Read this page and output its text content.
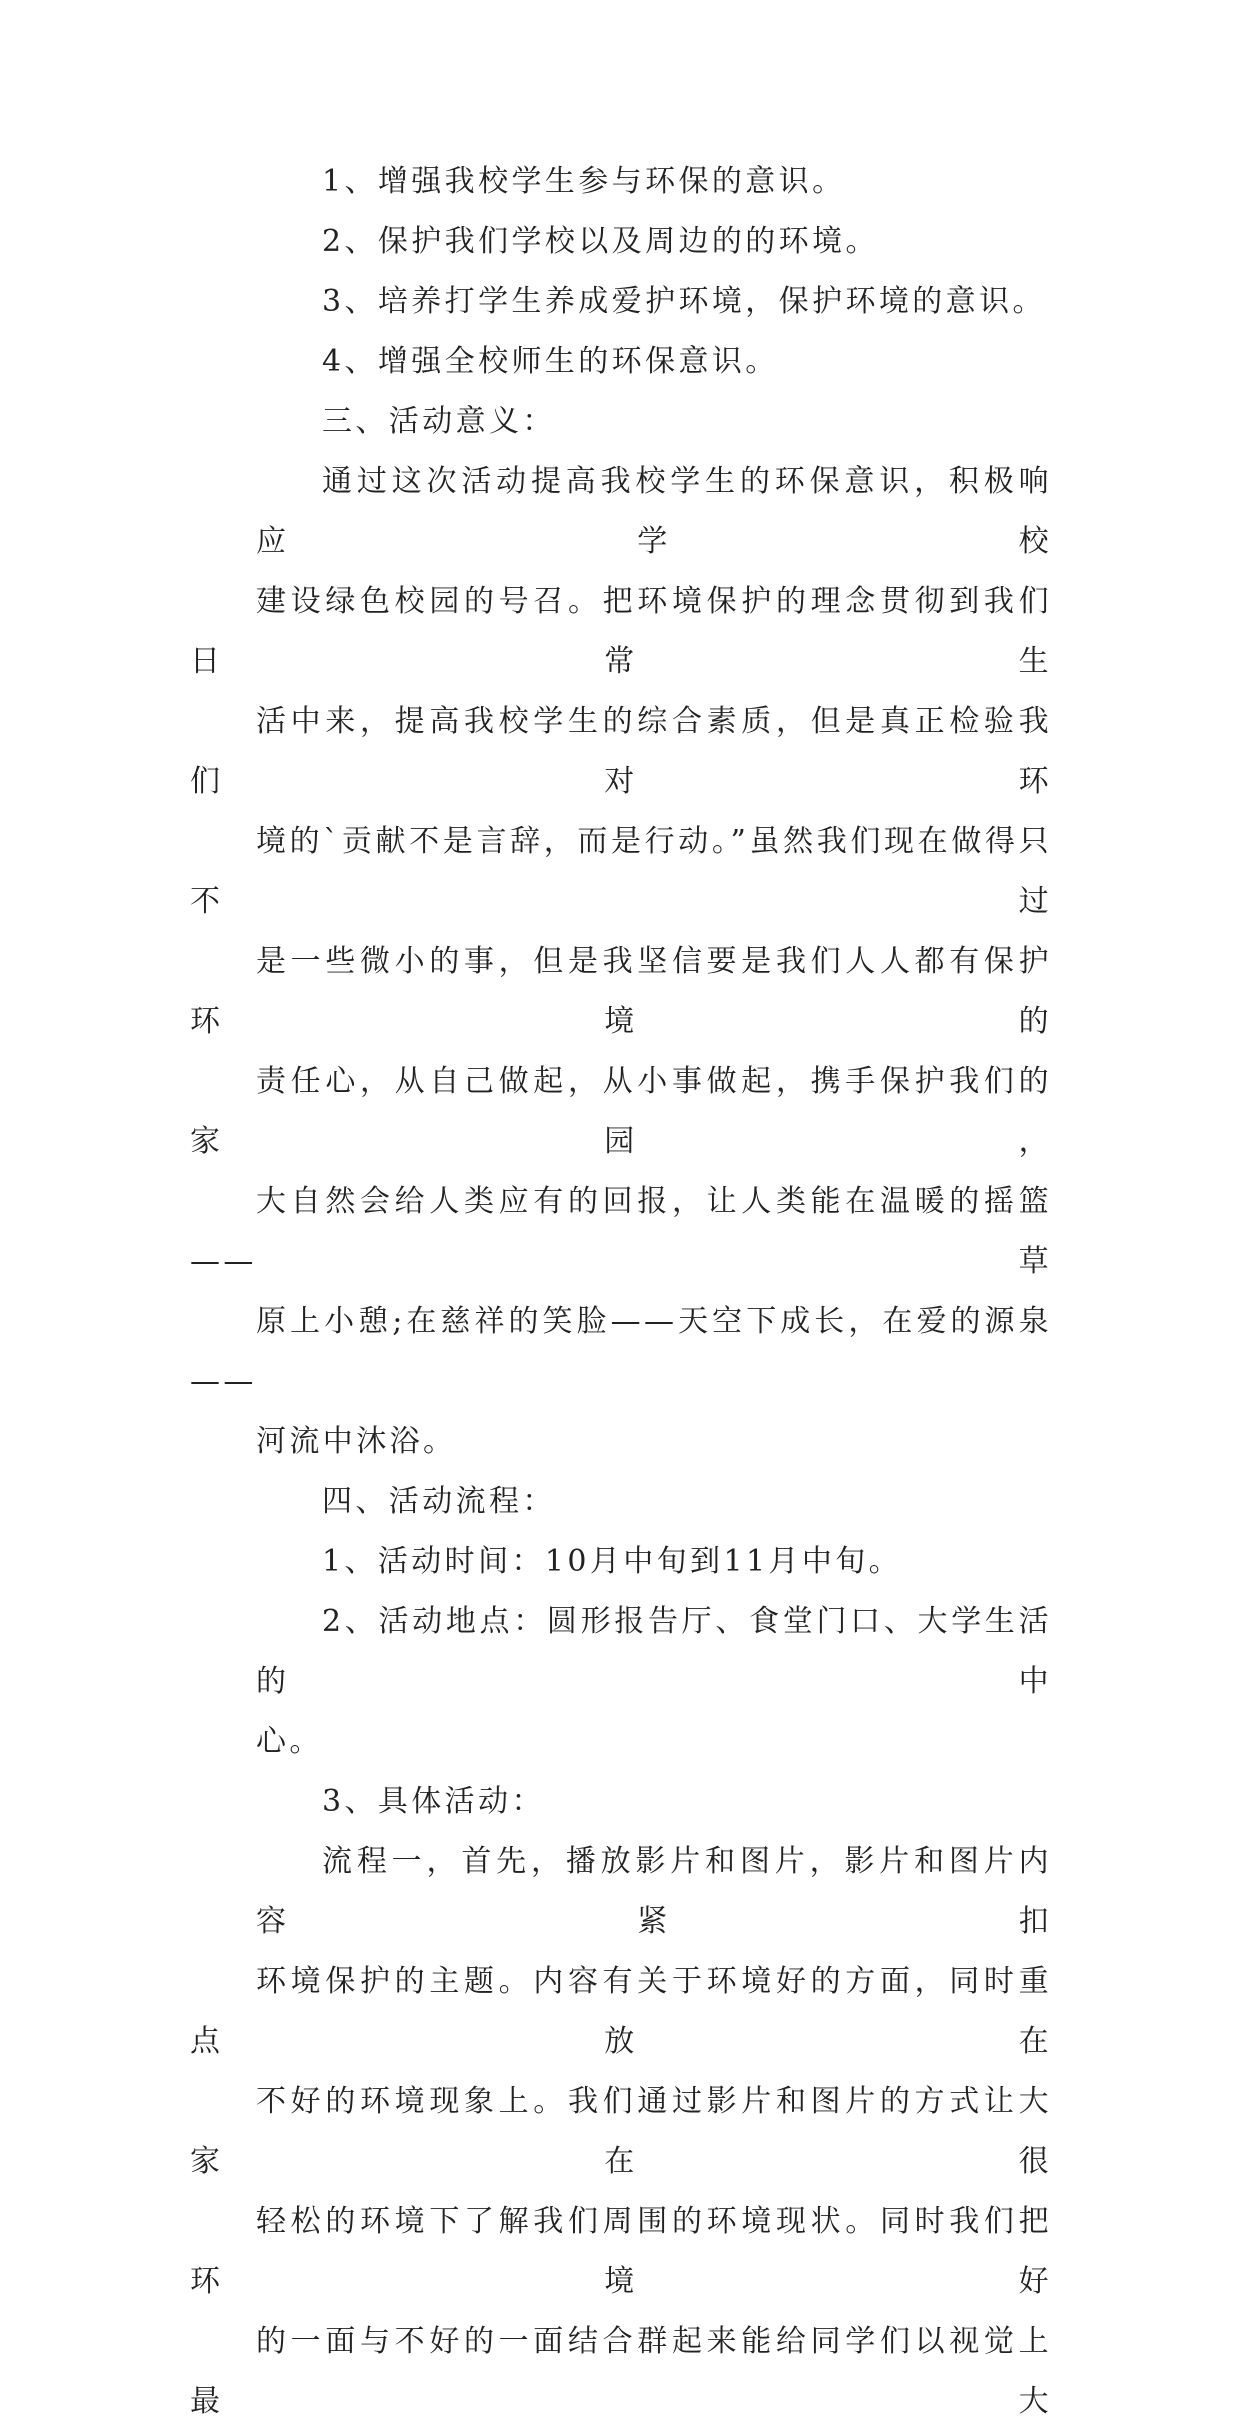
1、增强我校学生参与环保的意识。
2、保护我们学校以及周边的的环境。
3、培养打学生养成爱护环境，保护环境的意识。
4、增强全校师生的环保意识。
三、活动意义：
通过这次活动提高我校学生的环保意识，积极响应学校
建设绿色校园的号召。把环境保护的理念贯彻到我们日常生
活中来，提高我校学生的综合素质，但是真正检验我们对环
境的`贡献不是言辞，而是行动。”虽然我们现在做得只不过
是一些微小的事，但是我坚信要是我们人人都有保护环境的
责任心，从自己做起，从小事做起，携手保护我们的家园，
大自然会给人类应有的回报，让人类能在温暖的摇篮——草
原上小憩;在慈祥的笑脸——天空下成长，在爱的源泉——
河流中沐浴。
四、活动流程：
1、活动时间：10月中旬到11月中旬。
2、活动地点：圆形报告厅、食堂门口、大学生活的中
心。
3、具体活动：
流程一，首先，播放影片和图片，影片和图片内容紧扣
环境保护的主题。内容有关于环境好的方面，同时重点放在
不好的环境现象上。我们通过影片和图片的方式让大家在很
轻松的环境下了解我们周围的环境现状。同时我们把环境好
的一面与不好的一面结合群起来能给同学们以视觉上最大
